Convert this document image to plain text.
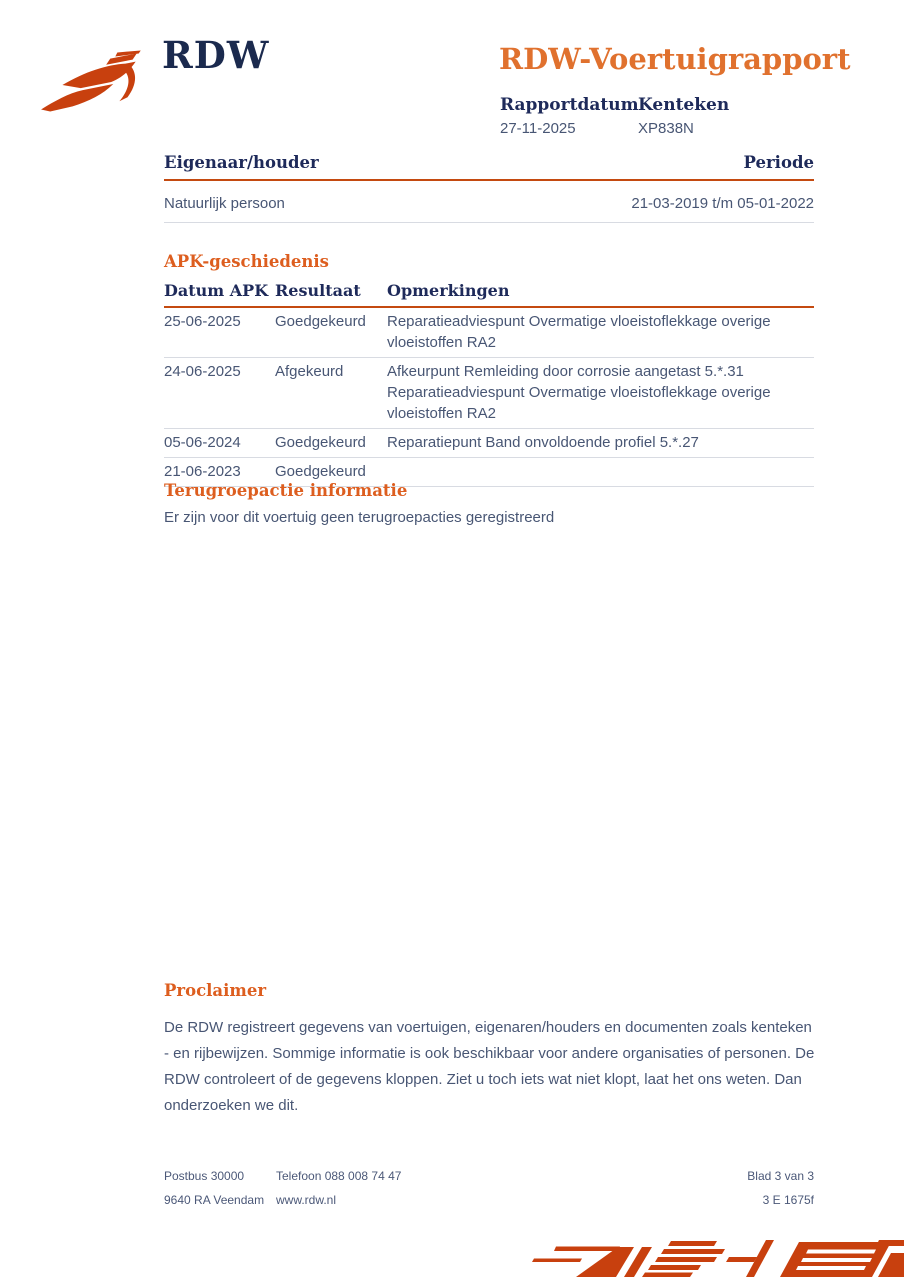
RDW	RDW-Voertuigrapport
Rapportdatum
27-11-2025
Kenteken
XP838N
Eigenaar/houder	Periode
Natuurlijk persoon	21-03-2019 t/m 05-01-2022
APK-geschiedenis
Datum APK Resultaat	Opmerkingen
25-06-2025	Goedgekeurd	Reparatieadviespunt Overmatige vloeistoflekkage overige vloeistoffen RA2
24-06-2025	Afgekeurd	Afkeurpunt Remleiding door corrosie aangetast 5.*.31
Reparatieadviespunt Overmatige vloeistoflekkage overige vloeistoffen RA2
05-06-2024	Goedgekeurd	Reparatiepunt Band onvoldoende profiel 5.*.27
21-06-2023	Goedgekeurd
Terugroepactie informatie

Er zijn voor dit voertuig geen terugroepacties geregistreerd

Proclaimer

De RDW registreert gegevens van voertuigen, eigenaren/houders en documenten zoals kenteken - en rijbewijzen. Sommige informatie is ook beschikbaar voor andere organisaties of personen. De RDW controleert of de gegevens kloppen. Ziet u toch iets wat niet klopt, laat het ons weten. Dan onderzoeken we dit.

Postbus 30000	Telefoon 088 008 74 47	Blad 3 van 3
9640 RA Veendam www.rdw.nl	3 E 1675f
